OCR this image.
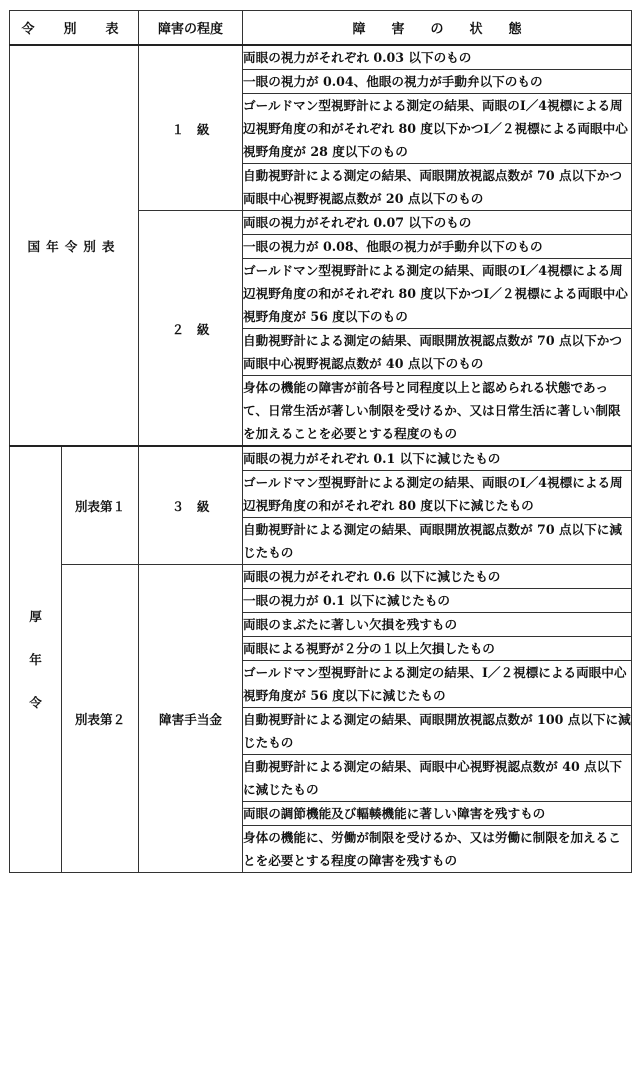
令　別　表		障害の程度	障　　害　　の　　状　　態
国年令別表		１　級	両眼の視力がそれぞれ 0.03 以下のもの
			一眼の視力が 0.04、他眼の視力が手動弁以下のもの
			ゴールドマン型視野計による測定の結果、両眼のⅠ／4視標による周辺視野角度の和がそれぞれ 80 度以下かつⅠ／２視標による両眼中心視野角度が 28 度以下のもの
			自動視野計による測定の結果、両眼開放視認点数が 70 点以下かつ両眼中心視野視認点数が 20 点以下のもの
		２　級	両眼の視力がそれぞれ 0.07 以下のもの
			一眼の視力が 0.08、他眼の視力が手動弁以下のもの
			ゴールドマン型視野計による測定の結果、両眼のⅠ／4視標による周辺視野角度の和がそれぞれ 80 度以下かつⅠ／２視標による両眼中心視野角度が 56 度以下のもの
			自動視野計による測定の結果、両眼開放視認点数が 70 点以下かつ両眼中心視野視認点数が 40 点以下のもの
			身体の機能の障害が前各号と同程度以上と認められる状態であって、日常生活が著しい制限を受けるか、又は日常生活に著しい制限を加えることを必要とする程度のもの
厚
年
令	別表第１	３　級	両眼の視力がそれぞれ 0.1 以下に減じたもの
			ゴールドマン型視野計による測定の結果、両眼のⅠ／4視標による周辺視野角度の和がそれぞれ 80 度以下に減じたもの
			自動視野計による測定の結果、両眼開放視認点数が 70 点以下に減じたもの
	別表第２	障害手当金	両眼の視力がそれぞれ 0.6 以下に減じたもの
			一眼の視力が 0.1 以下に減じたもの
			両眼のまぶたに著しい欠損を残すもの
			両眼による視野が２分の１以上欠損したもの
			ゴールドマン型視野計による測定の結果、Ⅰ／２視標による両眼中心視野角度が 56 度以下に減じたもの
			自動視野計による測定の結果、両眼開放視認点数が 100 点以下に減じたもの
			自動視野計による測定の結果、両眼中心視野視認点数が 40 点以下に減じたもの
			両眼の調節機能及び輻輳機能に著しい障害を残すもの
			身体の機能に、労働が制限を受けるか、又は労働に制限を加えることを必要とする程度の障害を残すもの
